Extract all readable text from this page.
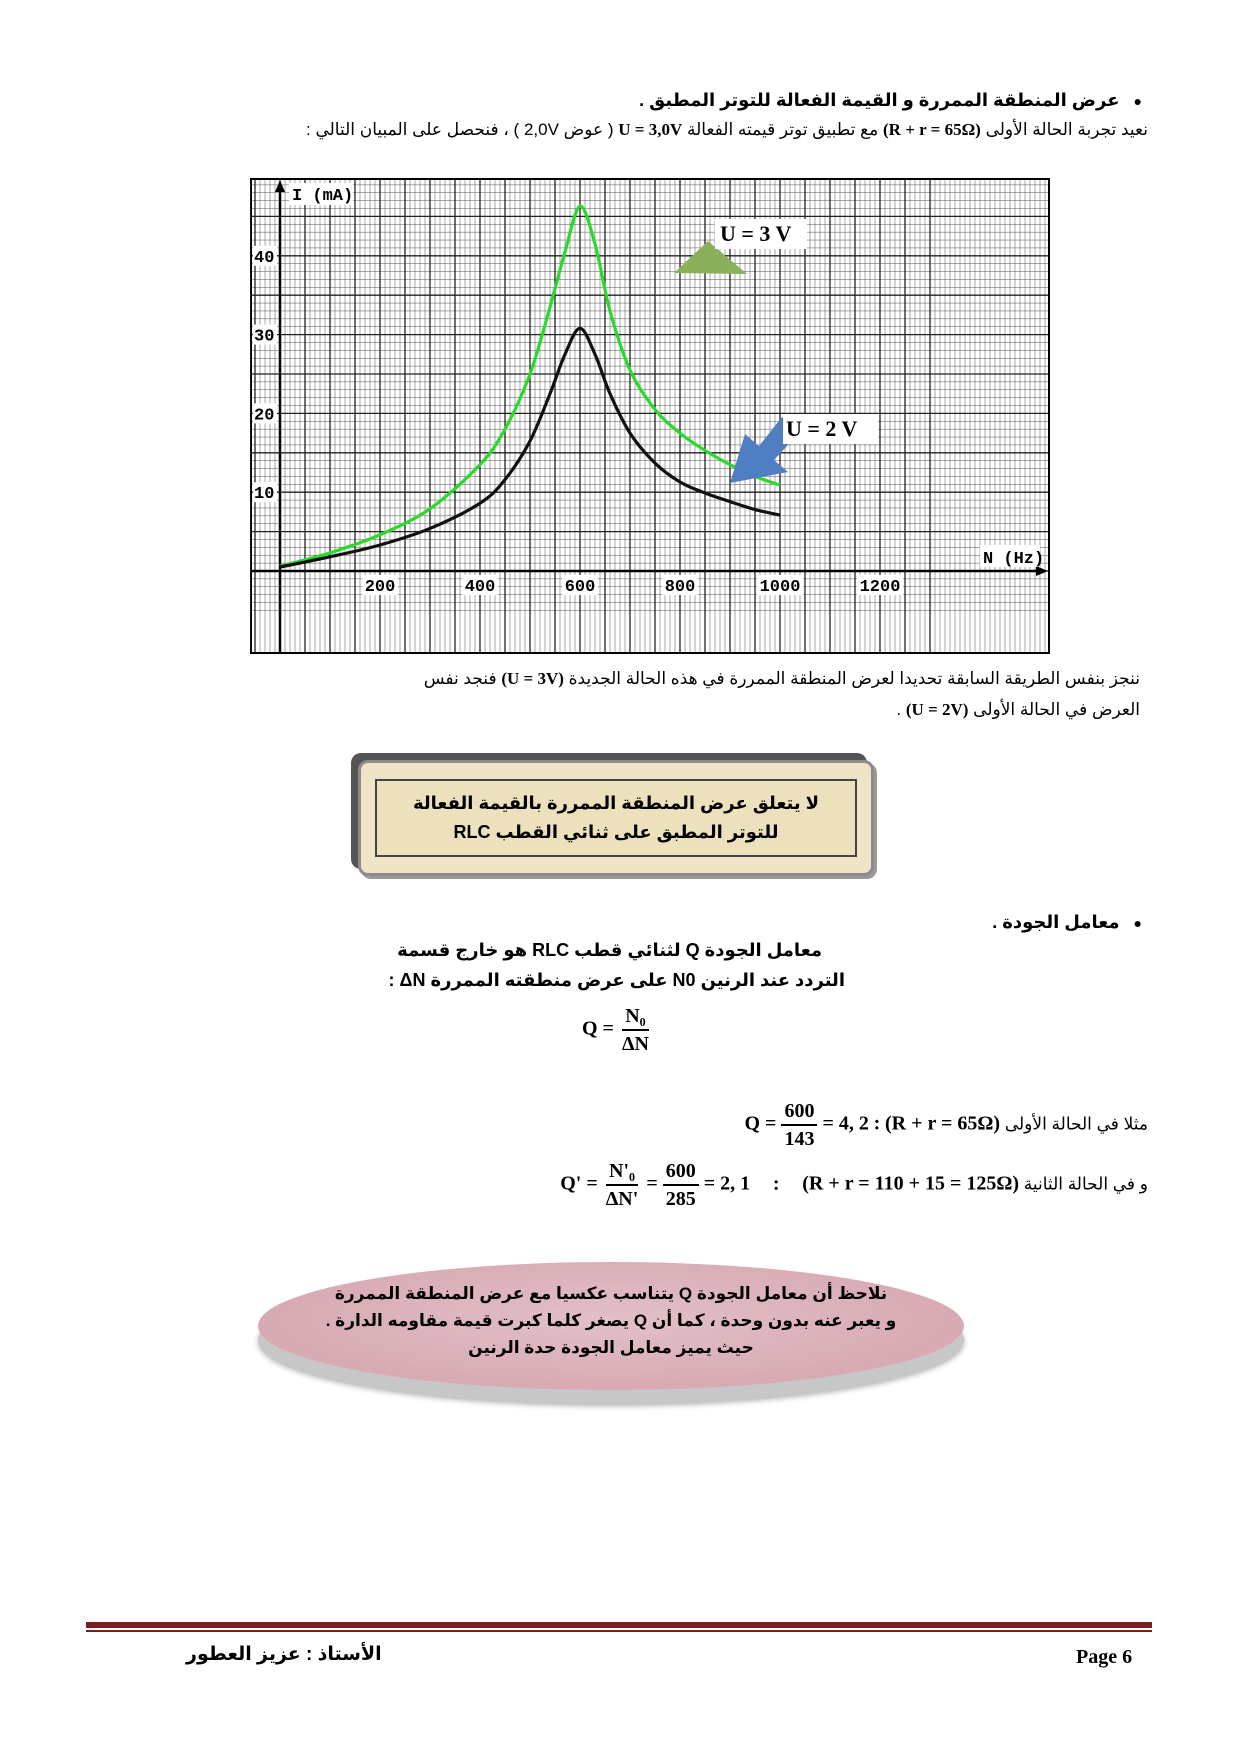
●عرض المنطقة الممررة و القيمة الفعالة للتوتر المطبق .
نعيد تجربة الحالة الأولى (R + r = 65Ω) مع تطبيق توتر قيمته الفعالة U = 3,0V ( عوض 2,0V ) ، فنحصل على المبيان التالي :
200	400	600	800	1000	1200
10
20
30
40
I (mA)
N (Hz)
U = 3 V
U = 2 V
ننجز بنفس الطريقة السابقة تحديدا لعرض المنطقة الممررة في هذه الحالة الجديدة (U = 3V) فنجد نفس
العرض في الحالة الأولى (U = 2V) .
لا يتعلق عرض المنطقة الممررة بالقيمة الفعالة
للتوتر المطبق على ثنائي القطب RLC
●معامل الجودة .
معامل الجودة Q لثنائي قطب RLC هو خارج قسمة
التردد عند الرنين N0 على عرض منطقته الممررة ΔN :
$Q = \frac{\text{N₀}}{\Delta N}$
مثلا في الحالة الأولى (R + r = 65Ω) : $Q = \frac{600}{143} = 4$, 2
و في الحالة الثانية (R + r = 110 + 15 = 125Ω) : $Q' = \frac{\text{N'₀}}{\Delta N'} = \frac{600}{285} = 2$, 1
نلاحظ أن معامل الجودة Q يتناسب عكسيا مع عرض المنطقة الممررة
و يعبر عنه بدون وحدة ، كما أن Q يصغر كلما كبرت قيمة مقاومه الدارة .
حيث يميز معامل الجودة حدة الرنين
Page 6
الأستاذ : عزيز العطور
